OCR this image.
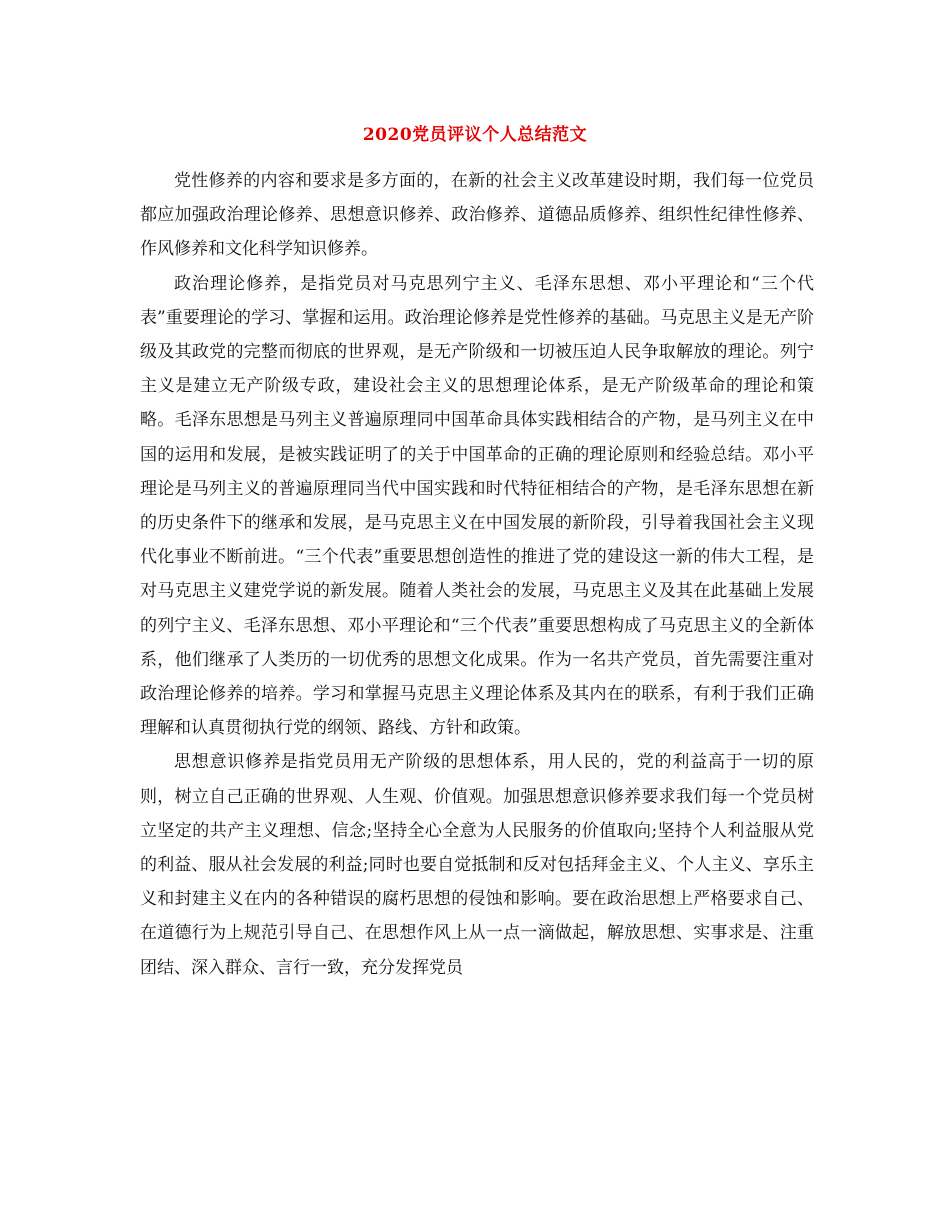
2020党员评议个人总结范文

党性修养的内容和要求是多方面的，在新的社会主义改革建设时期，我们每一位党员都应加强政治理论修养、思想意识修养、政治修养、道德品质修养、组织性纪律性修养、作风修养和文化科学知识修养。

政治理论修养，是指党员对马克思列宁主义、毛泽东思想、邓小平理论和“三个代表”重要理论的学习、掌握和运用。政治理论修养是党性修养的基础。马克思主义是无产阶级及其政党的完整而彻底的世界观，是无产阶级和一切被压迫人民争取解放的理论。列宁主义是建立无产阶级专政，建设社会主义的思想理论体系，是无产阶级革命的理论和策略。毛泽东思想是马列主义普遍原理同中国革命具体实践相结合的产物，是马列主义在中国的运用和发展，是被实践证明了的关于中国革命的正确的理论原则和经验总结。邓小平理论是马列主义的普遍原理同当代中国实践和时代特征相结合的产物，是毛泽东思想在新的历史条件下的继承和发展，是马克思主义在中国发展的新阶段，引导着我国社会主义现代化事业不断前进。“三个代表”重要思想创造性的推进了党的建设这一新的伟大工程，是对马克思主义建党学说的新发展。随着人类社会的发展，马克思主义及其在此基础上发展的列宁主义、毛泽东思想、邓小平理论和“三个代表”重要思想构成了马克思主义的全新体系，他们继承了人类历的一切优秀的思想文化成果。作为一名共产党员，首先需要注重对政治理论修养的培养。学习和掌握马克思主义理论体系及其内在的联系，有利于我们正确理解和认真贯彻执行党的纲领、路线、方针和政策。

思想意识修养是指党员用无产阶级的思想体系，用人民的，党的利益高于一切的原则，树立自己正确的世界观、人生观、价值观。加强思想意识修养要求我们每一个党员树立坚定的共产主义理想、信念;坚持全心全意为人民服务的价值取向;坚持个人利益服从党的利益、服从社会发展的利益;同时也要自觉抵制和反对包括拜金主义、个人主义、享乐主义和封建主义在内的各种错误的腐朽思想的侵蚀和影响。要在政治思想上严格要求自己、在道德行为上规范引导自己、在思想作风上从一点一滴做起，解放思想、实事求是、注重团结、深入群众、言行一致，充分发挥党员
